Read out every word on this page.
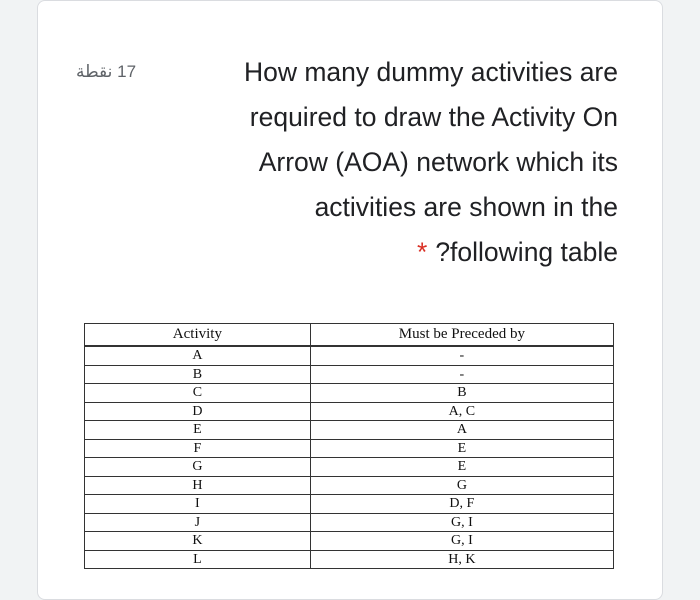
17 نقطة	How many dummy activities are
required to draw the Activity On
Arrow (AOA) network which its
activities are shown in the
* ?following table
Activity	Must be Preceded by
A	-
B	-
C	B
D	A, C
E	A
F	E
G	E
H	G
I	D, F
J	G, I
K	G, I
L	H, K
